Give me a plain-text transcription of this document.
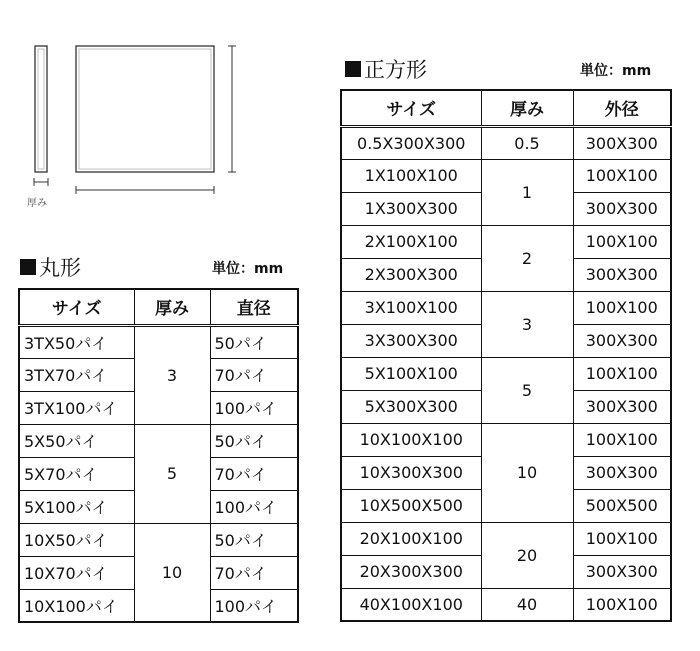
厚み
丸形	単位：mm
サイズ	厚み	直径
3TX50パイ	3	50パイ
3TX70パイ		70パイ
3TX100パイ		100パイ
5X50パイ	5	50パイ
5X70パイ		70パイ
5X100パイ		100パイ
10X50パイ	10	50パイ
10X70パイ		70パイ
10X100パイ		100パイ
正方形	単位：mm
サイズ	厚み	外径
0.5X300X300	0.5	300X300
1X100X100	1	100X100
1X300X300		300X300
2X100X100	2	100X100
2X300X300		300X300
3X100X100	3	100X100
3X300X300		300X300
5X100X100	5	100X100
5X300X300		300X300
10X100X100	10	100X100
10X300X300		300X300
10X500X500		500X500
20X100X100	20	100X100
20X300X300		300X300
40X100X100	40	100X100
